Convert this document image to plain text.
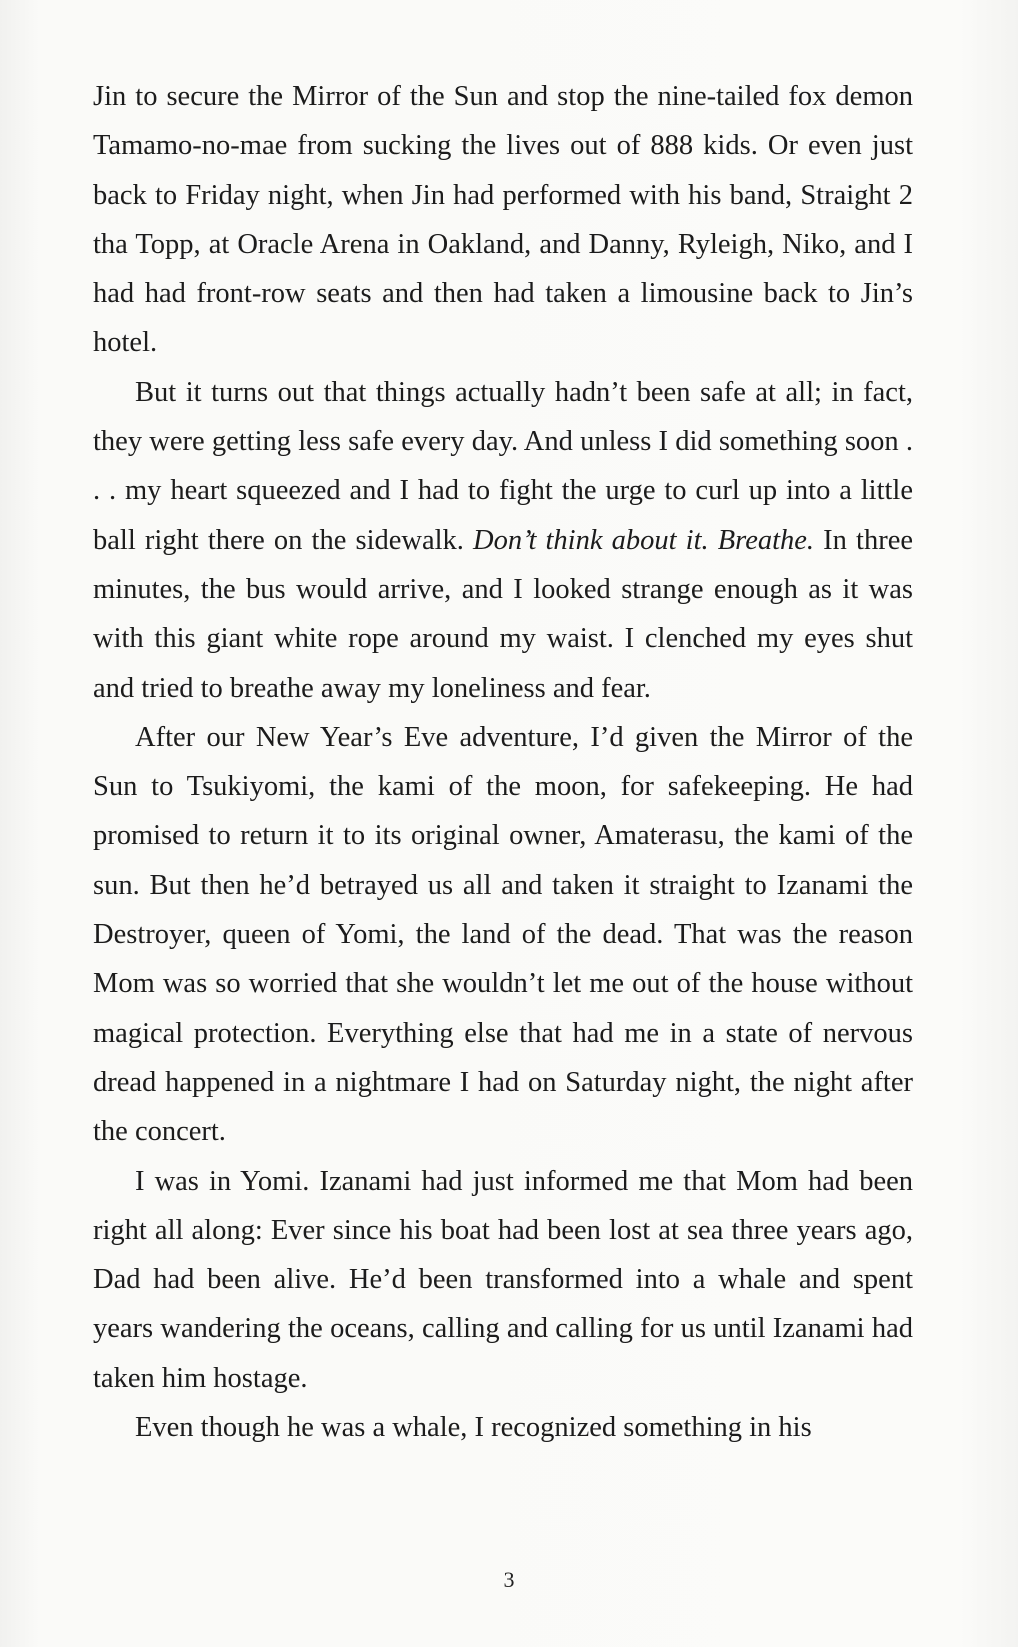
Jin to secure the Mirror of the Sun and stop the nine-tailed fox demon Tamamo-no-mae from sucking the lives out of 888 kids. Or even just back to Friday night, when Jin had performed with his band, Straight 2 tha Topp, at Oracle Arena in Oakland, and Danny, Ryleigh, Niko, and I had had front-row seats and then had taken a limousine back to Jin’s hotel.

But it turns out that things actually hadn’t been safe at all; in fact, they were getting less safe every day. And unless I did something soon . . . my heart squeezed and I had to fight the urge to curl up into a little ball right there on the sidewalk. Don’t think about it. Breathe. In three minutes, the bus would arrive, and I looked strange enough as it was with this giant white rope around my waist. I clenched my eyes shut and tried to breathe away my loneliness and fear.

After our New Year’s Eve adventure, I’d given the Mirror of the Sun to Tsukiyomi, the kami of the moon, for safekeeping. He had promised to return it to its original owner, Amaterasu, the kami of the sun. But then he’d betrayed us all and taken it straight to Izanami the Destroyer, queen of Yomi, the land of the dead. That was the reason Mom was so worried that she wouldn’t let me out of the house without magical protection. Everything else that had me in a state of nervous dread happened in a nightmare I had on Saturday night, the night after the concert.

I was in Yomi. Izanami had just informed me that Mom had been right all along: Ever since his boat had been lost at sea three years ago, Dad had been alive. He’d been transformed into a whale and spent years wandering the oceans, calling and calling for us until Izanami had taken him hostage.

Even though he was a whale, I recognized something in his

3
